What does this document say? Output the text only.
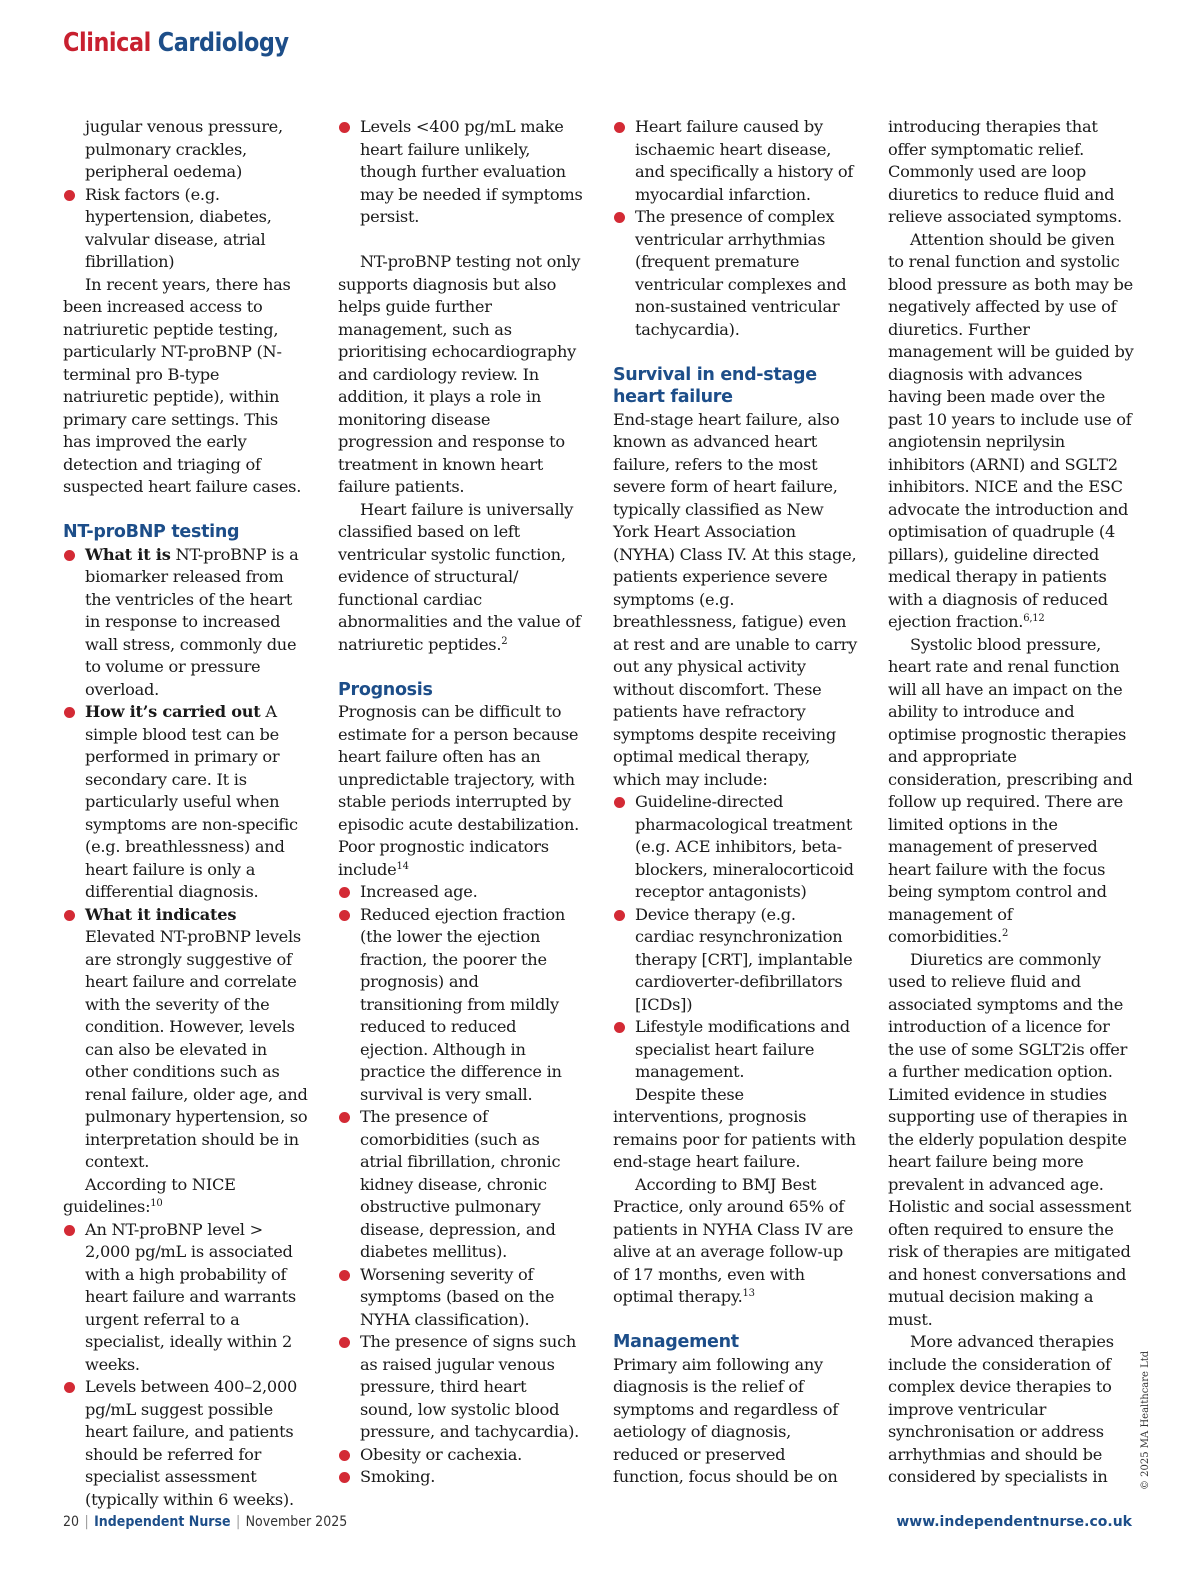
Clinical Cardiology

jugular venous pressure, pulmonary crackles, peripheral oedema)

Risk factors (e.g. hypertension, diabetes, valvular disease, atrial fibrillation)

In recent years, there has been increased access to natriuretic peptide testing, particularly NT-proBNP (N-terminal pro B-type natriuretic peptide), within primary care settings. This has improved the early detection and triaging of suspected heart failure cases.

NT-proBNP testing

What it is NT-proBNP is a biomarker released from the ventricles of the heart in response to increased wall stress, commonly due to volume or pressure overload.

How it’s carried out A simple blood test can be performed in primary or secondary care. It is particularly useful when symptoms are non-specific (e.g. breathlessness) and heart failure is only a differential diagnosis.

What it indicates Elevated NT-proBNP levels are strongly suggestive of heart failure and correlate with the severity of the condition. However, levels can also be elevated in other conditions such as renal failure, older age, and pulmonary hypertension, so interpretation should be in context.

According to NICE guidelines:$^{10}$

An NT-proBNP level > 2,000 pg/mL is associated with a high probability of heart failure and warrants urgent referral to a specialist, ideally within 2 weeks.

Levels between 400–2,000 pg/mL suggest possible heart failure, and patients should be referred for specialist assessment (typically within 6 weeks).

Levels <400 pg/mL make heart failure unlikely, though further evaluation may be needed if symptoms persist.

NT-proBNP testing not only supports diagnosis but also helps guide further management, such as prioritising echocardiography and cardiology review. In addition, it plays a role in monitoring disease progression and response to treatment in known heart failure patients.

Heart failure is universally classified based on left ventricular systolic function, evidence of structural/ functional cardiac abnormalities and the value of natriuretic peptides.$^2$

Prognosis

Prognosis can be difficult to estimate for a person because heart failure often has an unpredictable trajectory, with stable periods interrupted by episodic acute destabilization. Poor prognostic indicators include$^{14}$

Increased age.

Reduced ejection fraction (the lower the ejection fraction, the poorer the prognosis) and transitioning from mildly reduced to reduced ejection. Although in practice the difference in survival is very small.

The presence of comorbidities (such as atrial fibrillation, chronic kidney disease, chronic obstructive pulmonary disease, depression, and diabetes mellitus).

Worsening severity of symptoms (based on the NYHA classification).

The presence of signs such as raised jugular venous pressure, third heart sound, low systolic blood pressure, and tachycardia).

Obesity or cachexia.

Smoking.

Heart failure caused by ischaemic heart disease, and specifically a history of myocardial infarction.

The presence of complex ventricular arrhythmias (frequent premature ventricular complexes and non-sustained ventricular tachycardia).

Survival in end-stage heart failure

End-stage heart failure, also known as advanced heart failure, refers to the most severe form of heart failure, typically classified as New York Heart Association (NYHA) Class IV. At this stage, patients experience severe symptoms (e.g. breathlessness, fatigue) even at rest and are unable to carry out any physical activity without discomfort. These patients have refractory symptoms despite receiving optimal medical therapy, which may include:

Guideline-directed pharmacological treatment (e.g. ACE inhibitors, beta-blockers, mineralocorticoid receptor antagonists)

Device therapy (e.g. cardiac resynchronization therapy [CRT], implantable cardioverter-defibrillators [ICDs])

Lifestyle modifications and specialist heart failure management.

Despite these interventions, prognosis remains poor for patients with end-stage heart failure.

According to BMJ Best Practice, only around 65% of patients in NYHA Class IV are alive at an average follow-up of 17 months, even with optimal therapy.$^{13}$

Management

Primary aim following any diagnosis is the relief of symptoms and regardless of aetiology of diagnosis, reduced or preserved function, focus should be on

introducing therapies that offer symptomatic relief. Commonly used are loop diuretics to reduce fluid and relieve associated symptoms.

Attention should be given to renal function and systolic blood pressure as both may be negatively affected by use of diuretics. Further management will be guided by diagnosis with advances having been made over the past 10 years to include use of angiotensin neprilysin inhibitors (ARNI) and SGLT2 inhibitors. NICE and the ESC advocate the introduction and optimisation of quadruple (4 pillars), guideline directed medical therapy in patients with a diagnosis of reduced ejection fraction.$^{6,12}$

Systolic blood pressure, heart rate and renal function will all have an impact on the ability to introduce and optimise prognostic therapies and appropriate consideration, prescribing and follow up required. There are limited options in the management of preserved heart failure with the focus being symptom control and management of comorbidities.$^2$

Diuretics are commonly used to relieve fluid and associated symptoms and the introduction of a licence for the use of some SGLT2is offer a further medication option. Limited evidence in studies supporting use of therapies in the elderly population despite heart failure being more prevalent in advanced age. Holistic and social assessment often required to ensure the risk of therapies are mitigated and honest conversations and mutual decision making a must.

More advanced therapies include the consideration of complex device therapies to improve ventricular synchronisation or address arrhythmias and should be considered by specialists in	© 2025 MA Healthcare Ltd
20 | Independent Nurse | November 2025	www.independentnurse.co.uk
